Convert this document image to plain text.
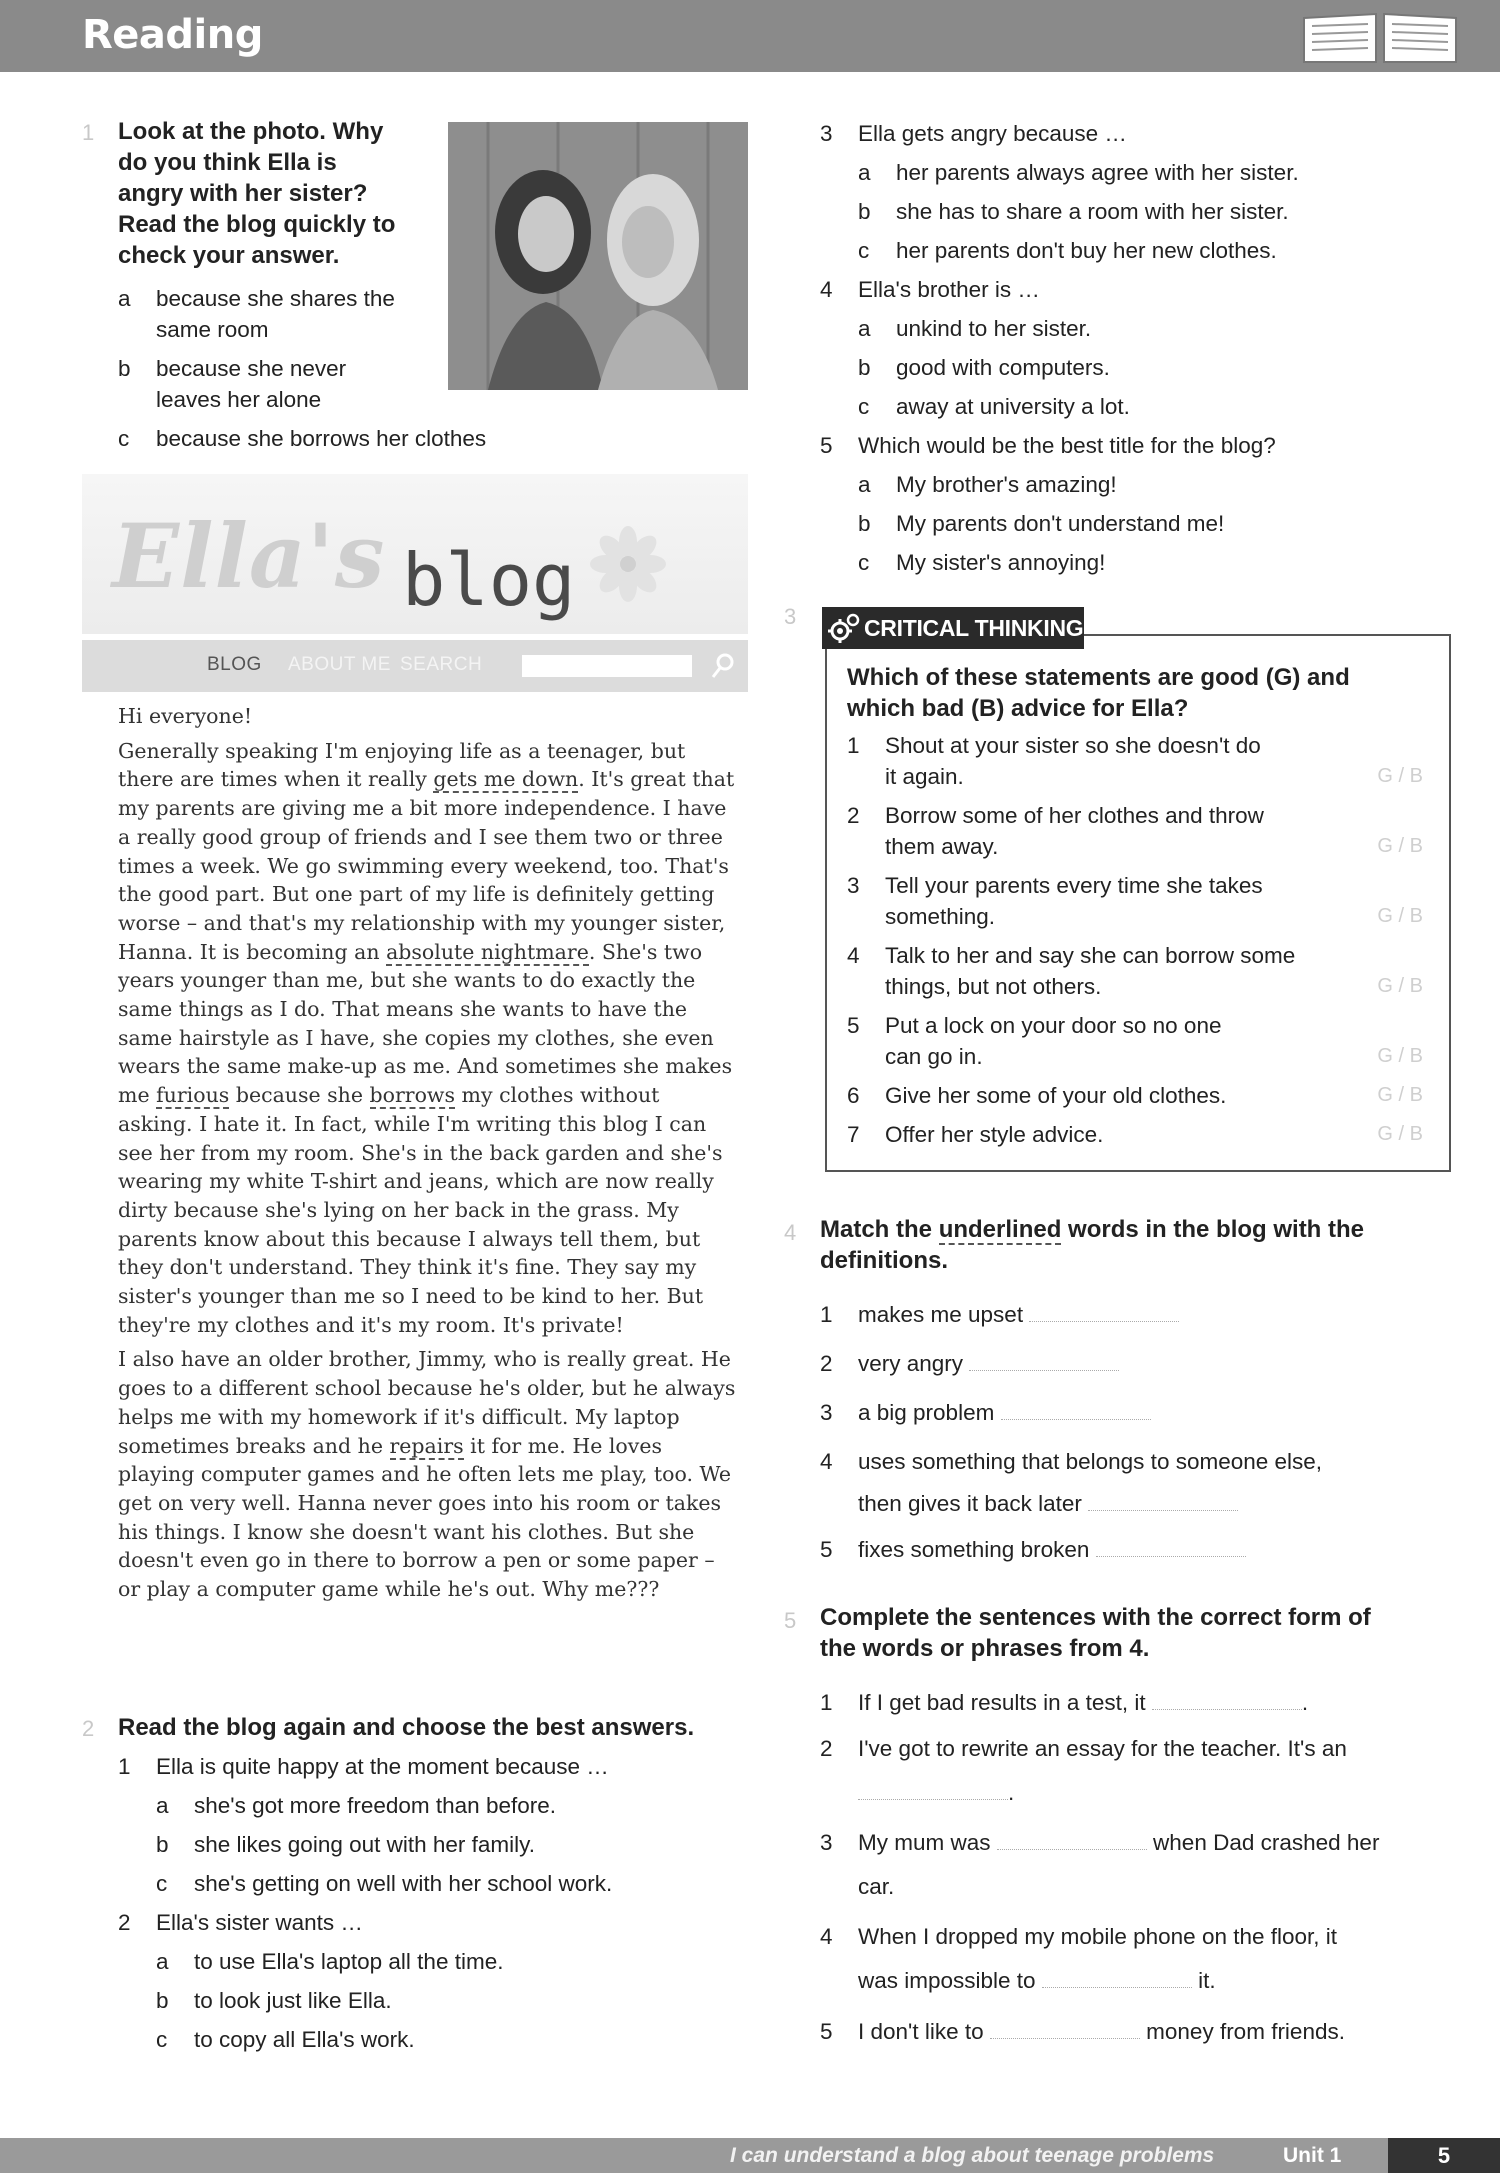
Reading
1 Look at the photo. Why
do you think Ella is
angry with her sister?
Read the blog quickly to
check your answer.
a because she shares the
same room
b because she never
leaves her alone
c because she borrows her clothes
Ella's blog
BLOG ABOUT ME SEARCH

Hi everyone!

Generally speaking I'm enjoying life as a teenager, but there are times when it really gets me down. It's great that my parents are giving me a bit more independence. I have a really good group of friends and I see them two or three times a week. We go swimming every weekend, too. That's the good part. But one part of my life is definitely getting worse – and that's my relationship with my younger sister, Hanna. It is becoming an absolute nightmare. She's two years younger than me, but she wants to do exactly the same things as I do. That means she wants to have the same hairstyle as I have, she copies my clothes, she even wears the same make-up as me. And sometimes she makes me furious because she borrows my clothes without asking. I hate it. In fact, while I'm writing this blog I can see her from my room. She's in the back garden and she's wearing my white T-shirt and jeans, which are now really dirty because she's lying on her back in the grass. My parents know about this because I always tell them, but they don't understand. They think it's fine. They say my sister's younger than me so I need to be kind to her. But they're my clothes and it's my room. It's private!

I also have an older brother, Jimmy, who is really great. He goes to a different school because he's older, but he always helps me with my homework if it's difficult. My laptop sometimes breaks and he repairs it for me. He loves playing computer games and he often lets me play, too. We get on very well. Hanna never goes into his room or takes his things. I know she doesn't want his clothes. But she doesn't even go in there to borrow a pen or some paper – or play a computer game while he's out. Why me???

2 Read the blog again and choose the best answers.
1 Ella is quite happy at the moment because …
a she's got more freedom than before.
b she likes going out with her family.
c she's getting on well with her school work.
2 Ella's sister wants …
a to use Ella's laptop all the time.
b to look just like Ella.
c to copy all Ella's work.
3 Ella gets angry because …
a her parents always agree with her sister.
b she has to share a room with her sister.
c her parents don't buy her new clothes.
4 Ella's brother is …
a unkind to her sister.
b good with computers.
c away at university a lot.
5 Which would be the best title for the blog?
a My brother's amazing!
b My parents don't understand me!
c My sister's annoying!
3
Which of these statements are good (G) and
which bad (B) advice for Ella?
1 Shout at your sister so she doesn't do
it again.	G / B
2 Borrow some of her clothes and throw
them away.	G / B
3 Tell your parents every time she takes
something.	G / B
4 Talk to her and say she can borrow some
things, but not others.	G / B
5 Put a lock on your door so no one
can go in.	G / B
6 Give her some of your old clothes.	G / B
7 Offer her style advice.	G / B
CRITICAL THINKING
4 Match the underlined words in the blog with the
definitions.
1 makes me upset
2 very angry
3 a big problem
4 uses something that belongs to someone else,
then gives it back later
5 fixes something broken
5 Complete the sentences with the correct form of
the words or phrases from 4.
1 If I get bad results in a test, it	.
2 I've got to rewrite an essay for the teacher. It's an
.
3 My mum was	when Dad crashed her
car.
4 When I dropped my mobile phone on the floor, it
was impossible to	it.
5 I don't like to	money from friends.
I can understand a blog about teenage problems	Unit 1	5
